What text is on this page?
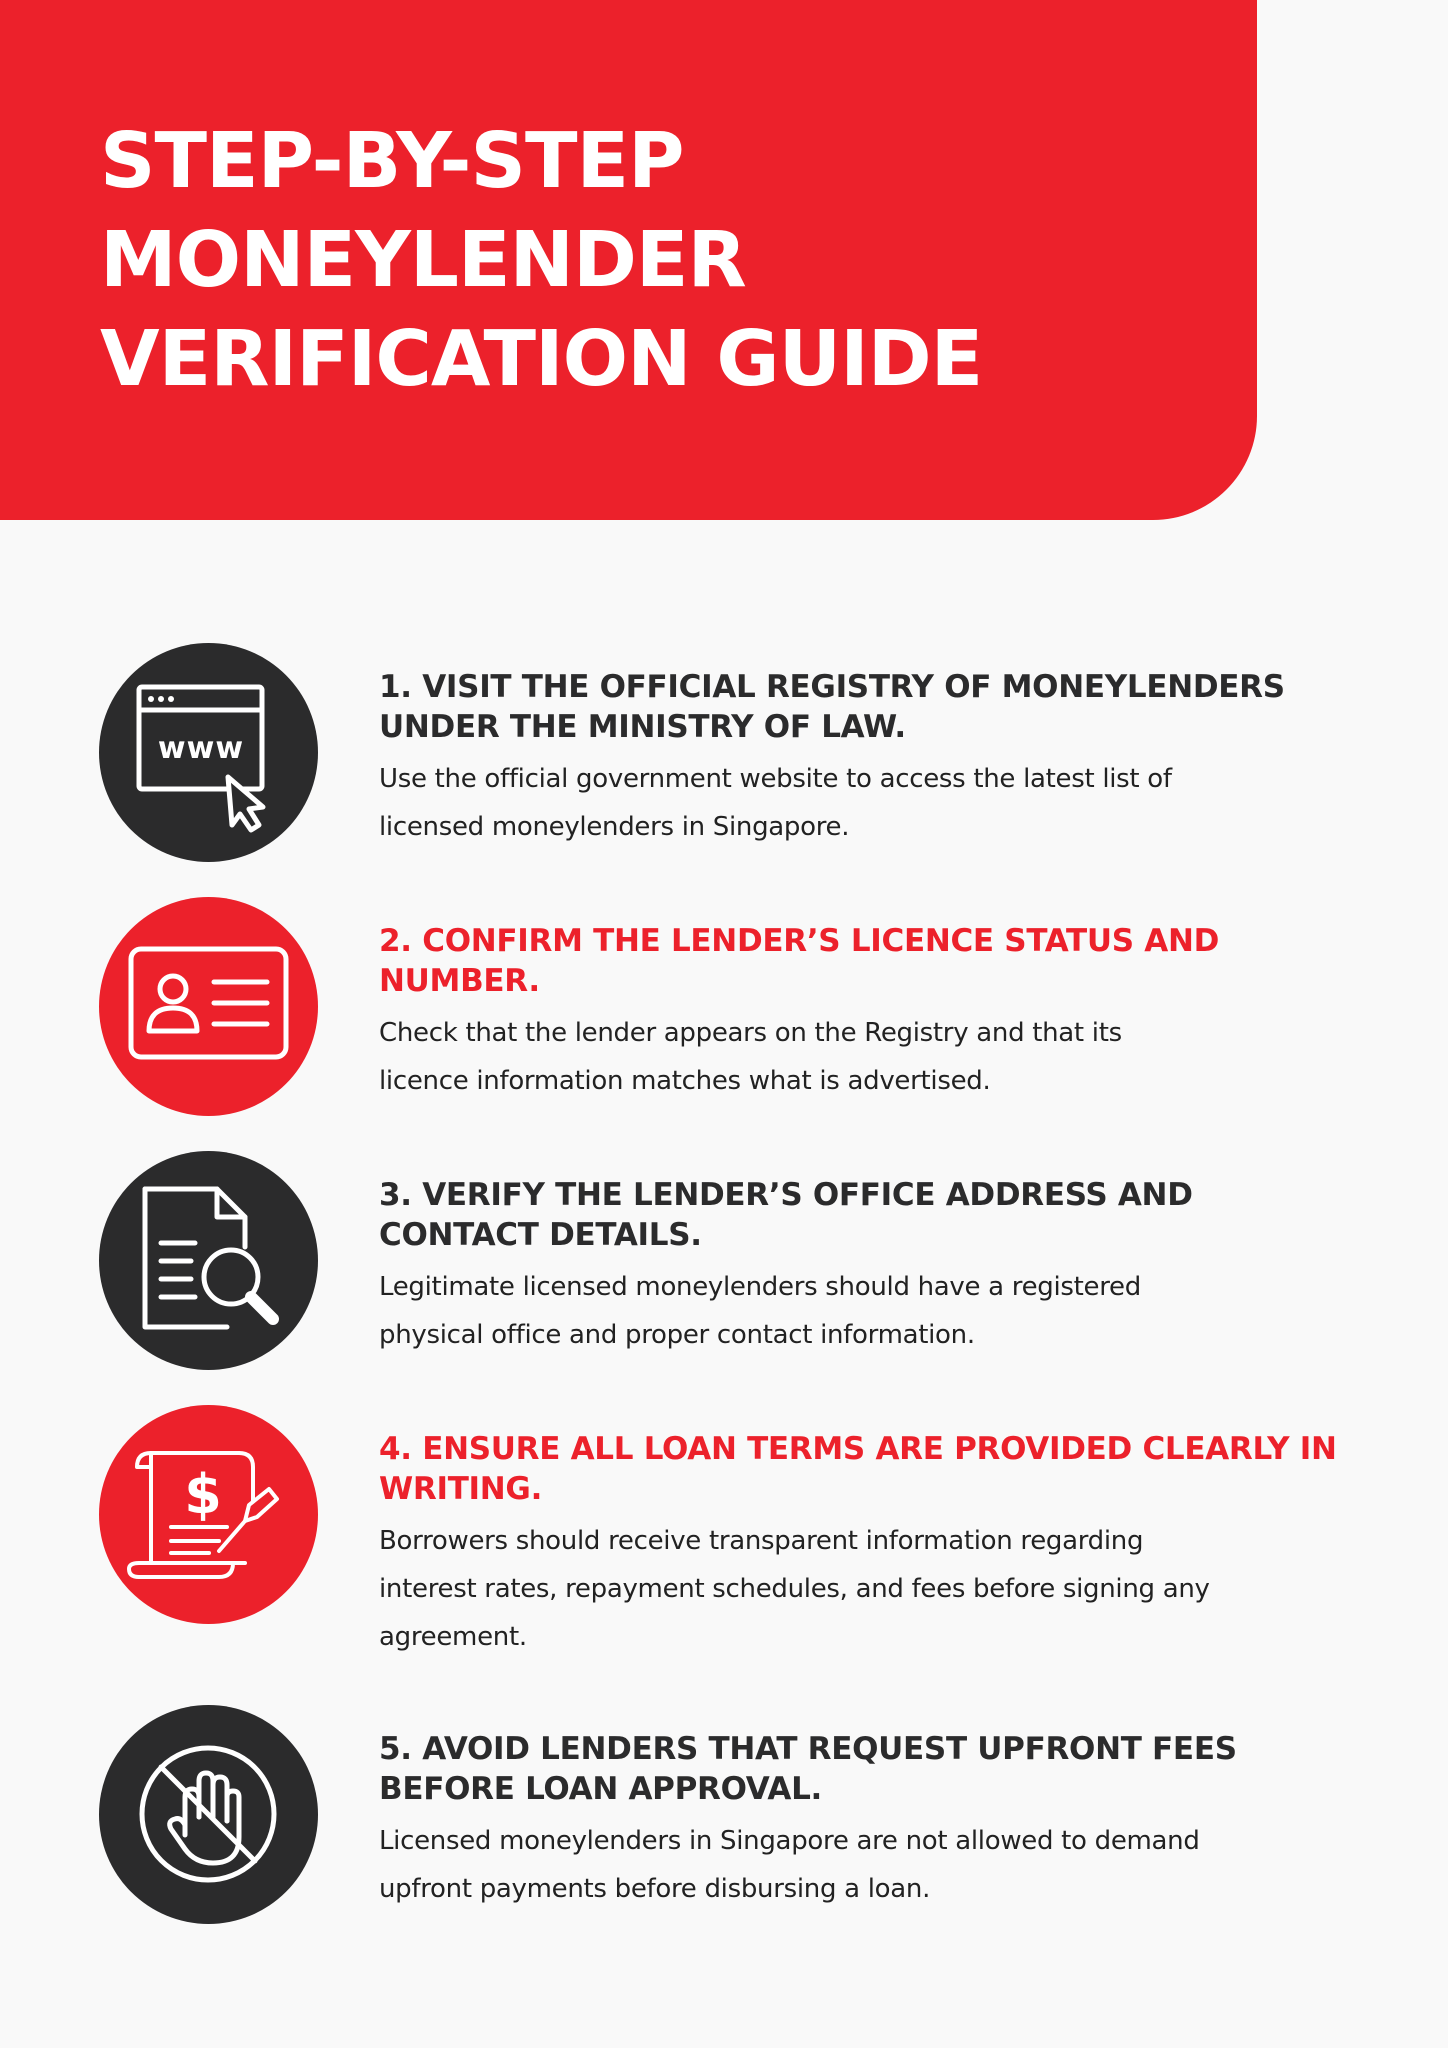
STEP-BY-STEP
MONEYLENDER
VERIFICATION GUIDE
www
1. VISIT THE OFFICIAL REGISTRY OF MONEYLENDERS
UNDER THE MINISTRY OF LAW.

Use the official government website to access the latest list of
licensed moneylenders in Singapore.

2. CONFIRM THE LENDER’S LICENCE STATUS AND
NUMBER.

Check that the lender appears on the Registry and that its
licence information matches what is advertised.

3. VERIFY THE LENDER’S OFFICE ADDRESS AND
CONTACT DETAILS.

Legitimate licensed moneylenders should have a registered
physical office and proper contact information.

$
4. ENSURE ALL LOAN TERMS ARE PROVIDED CLEARLY IN
WRITING.

Borrowers should receive transparent information regarding
interest rates, repayment schedules, and fees before signing any
agreement.

5. AVOID LENDERS THAT REQUEST UPFRONT FEES
BEFORE LOAN APPROVAL.

Licensed moneylenders in Singapore are not allowed to demand
upfront payments before disbursing a loan.
